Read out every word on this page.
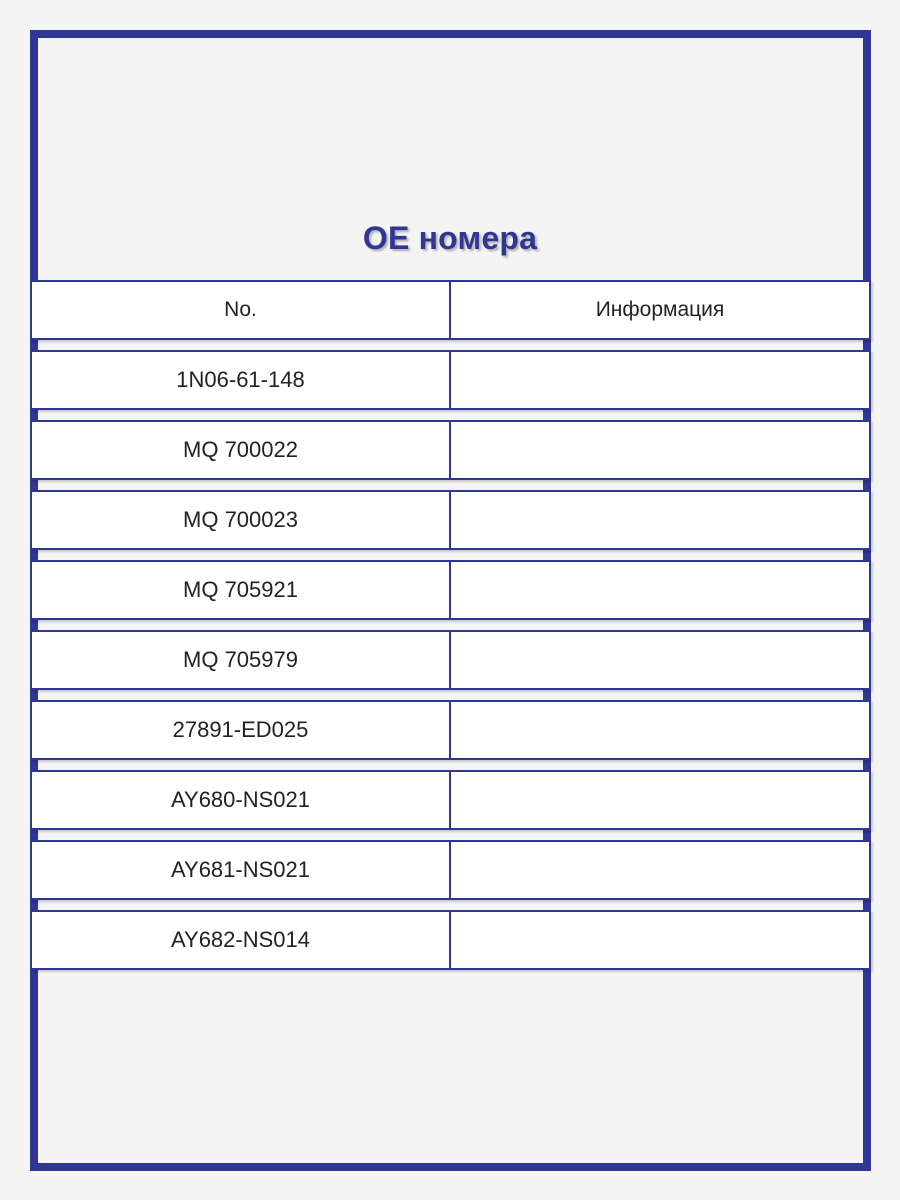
OE номера
No.	Информация
1N06-61-148
MQ 700022
MQ 700023
MQ 705921
MQ 705979
27891-ED025
AY680-NS021
AY681-NS021
AY682-NS014
